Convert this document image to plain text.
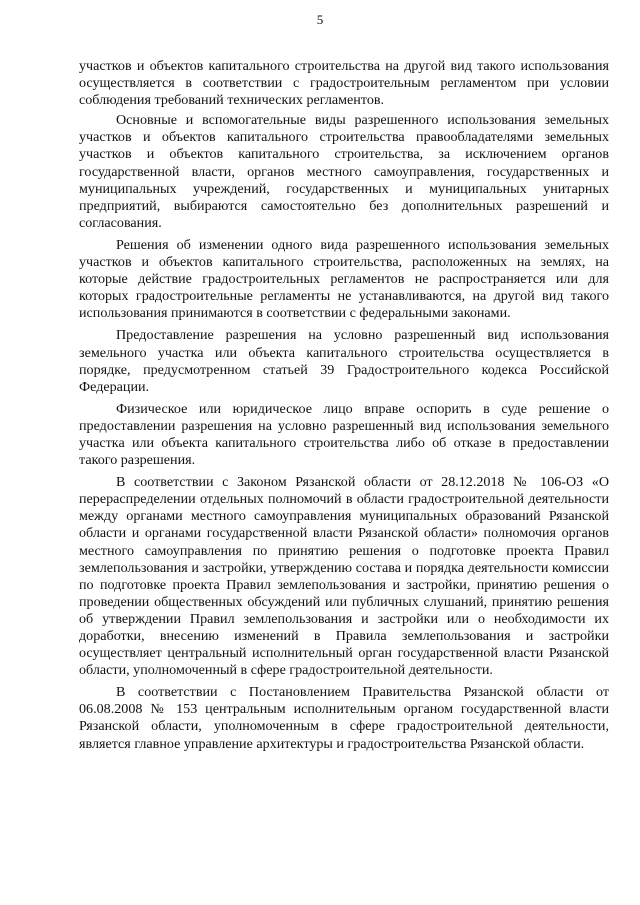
5

участков и объектов капитального строительства на другой вид такого использования осуществляется в соответствии с градостроительным регламентом при условии соблюдения требований технических регламентов.

Основные и вспомогательные виды разрешенного использования земельных участков и объектов капитального строительства правообладателями земельных участков и объектов капитального строительства, за исключением органов государственной власти, органов местного самоуправления, государственных и муниципальных учреждений, государственных и муниципальных унитарных предприятий, выбираются самостоятельно без дополнительных разрешений и согласования.

Решения об изменении одного вида разрешенного использования земельных участков и объектов капитального строительства, расположенных на землях, на которые действие градостроительных регламентов не распространяется или для которых градостроительные регламенты не устанавливаются, на другой вид такого использования принимаются в соответствии с федеральными законами.

Предоставление разрешения на условно разрешенный вид использования земельного участка или объекта капитального строительства осуществляется в порядке, предусмотренном статьей 39 Градостроительного кодекса Российской Федерации.

Физическое или юридическое лицо вправе оспорить в суде решение о предоставлении разрешения на условно разрешенный вид использования земельного участка или объекта капитального строительства либо об отказе в предоставлении такого разрешения.

В соответствии с Законом Рязанской области от 28.12.2018 № 106-ОЗ «О перераспределении отдельных полномочий в области градостроительной деятельности между органами местного самоуправления муниципальных образований Рязанской области и органами государственной власти Рязанской области» полномочия органов местного самоуправления по принятию решения о подготовке проекта Правил землепользования и застройки, утверждению состава и порядка деятельности комиссии по подготовке проекта Правил землепользования и застройки, принятию решения о проведении общественных обсуждений или публичных слушаний, принятию решения об утверждении Правил землепользования и застройки или о необходимости их доработки, внесению изменений в Правила землепользования и застройки осуществляет центральный исполнительный орган государственной власти Рязанской области, уполномоченный в сфере градостроительной деятельности.

В соответствии с Постановлением Правительства Рязанской области от 06.08.2008 № 153 центральным исполнительным органом государственной власти Рязанской области, уполномоченным в сфере градостроительной деятельности, является главное управление архитектуры и градостроительства Рязанской области.
